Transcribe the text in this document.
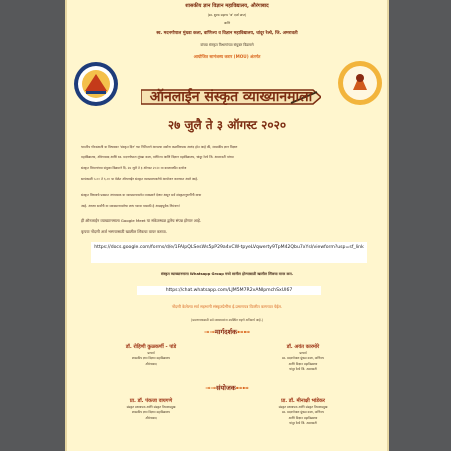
शासकीय ज्ञान विज्ञान महाविद्यालय, औरंगाबाद
(स्व. शुल्क सहाय्य 'अ' दर्जा प्राप्त)
आणि
स्व. मदनगोपाल मुंधडा कला, वाणिज्य व विज्ञान महाविद्यालय, चांदूर रेल्वे, जि. अमरावती
यांच्या संस्कृत विभागांच्या संयुक्त विद्यमाने
आयोजित सामंजस्य करार (MOU) अंतर्गत
ऑनलाईन संस्कृत व्याख्यानमाला
२७ जुलै ते ३ ऑगस्ट २०२०
भारतीय गौरवशाली या विषयावर 'संस्कृत दिन' च्या निमित्ताने आपल्या सर्वांना कळविण्यास आनंद होत आहे की, शासकीय ज्ञान विज्ञान
महाविद्यालय, औरंगाबाद आणि स्व. मदनगोपाल मुंधडा कला, वाणिज्य आणि विज्ञान महाविद्यालय, चांदूर रेल्वे जि. अमरावती यांच्या
संस्कृत विभागांच्या संयुक्त विद्यमाने दि. २७ जुलै ते ३ ऑगस्ट २०२० या कालावधीत दररोज
सायंकाळी ५.०० ते ६.०० या वेळेत ऑनलाईन संस्कृत व्याख्यानमालेचे आयोजन करण्यात आले आहे.
संस्कृत विषयाचे प्रख्यात अभ्यासक या व्याख्यानमालेत व्याख्याने देणार असून सर्व संस्कृतानुरागींनी याचा
आहे. आपण सर्वांनी या व्याख्यानमालेचा लाभ घ्यावा यासाठी हे आग्रहपूर्वक निमंत्रण!
ही ऑनलाईन व्याख्यानमाला Google Meet या संकेतस्थळ द्वारेच संपन्न होणार आहे.
कृपया नोंदणी अर्ज भरण्यासाठी खालील लिंकचा वापर करावा.
https://docs.google.com/forms/d/e/1FAIpQLSesWs5pP29a4vCW-tpyeLVqwerty9TpM42Qbu7xYsl/viewform?usp=sf_link
संस्कृत व्याख्यानमाला Whatsapp Group मध्ये सामील होण्यासाठी खालील लिंकचा वापर करा.
https://chat.whatsapp.com/LJM5M7R2vANIpmchSxUI67
नोंदणी केलेल्या सर्व सहभागी संस्कृतप्रेमींना ई-प्रमाणपत्र वितरीत करण्यात येईल.
(प्रमाणपत्रासाठी सर्व व्याख्यानांना उपस्थित राहणे अनिवार्य आहे.)
⊸⊸मार्गदर्शक⊷⊷
डॉ. रोहिणी कुळकर्णी - पांडे
प्राचार्य
शासकीय ज्ञान विज्ञान महाविद्यालय
औरंगाबाद
डॉ. अयंत कारमोरे
प्राचार्य
स्व. मदनगोपाल मुंधडा कला, वाणिज्य
आणि विज्ञान महाविद्यालय
चांदूर रेल्वे जि. अमरावती
⊸⊸संयोजक⊷⊷
प्रा. डॉ. पंकजा वायगणे
संस्कृत प्राध्यापक आणि संस्कृत विभागप्रमुख
शासकीय ज्ञान विज्ञान महाविद्यालय
औरंगाबाद
प्रा. डॉ. मीनाक्षी भांडेकर
संस्कृत प्राध्यापक आणि संस्कृत विभागप्रमुख
स्व. मदनगोपाल मुंधडा कला, वाणिज्य
आणि विज्ञान महाविद्यालय
चांदूर रेल्वे जि. अमरावती
